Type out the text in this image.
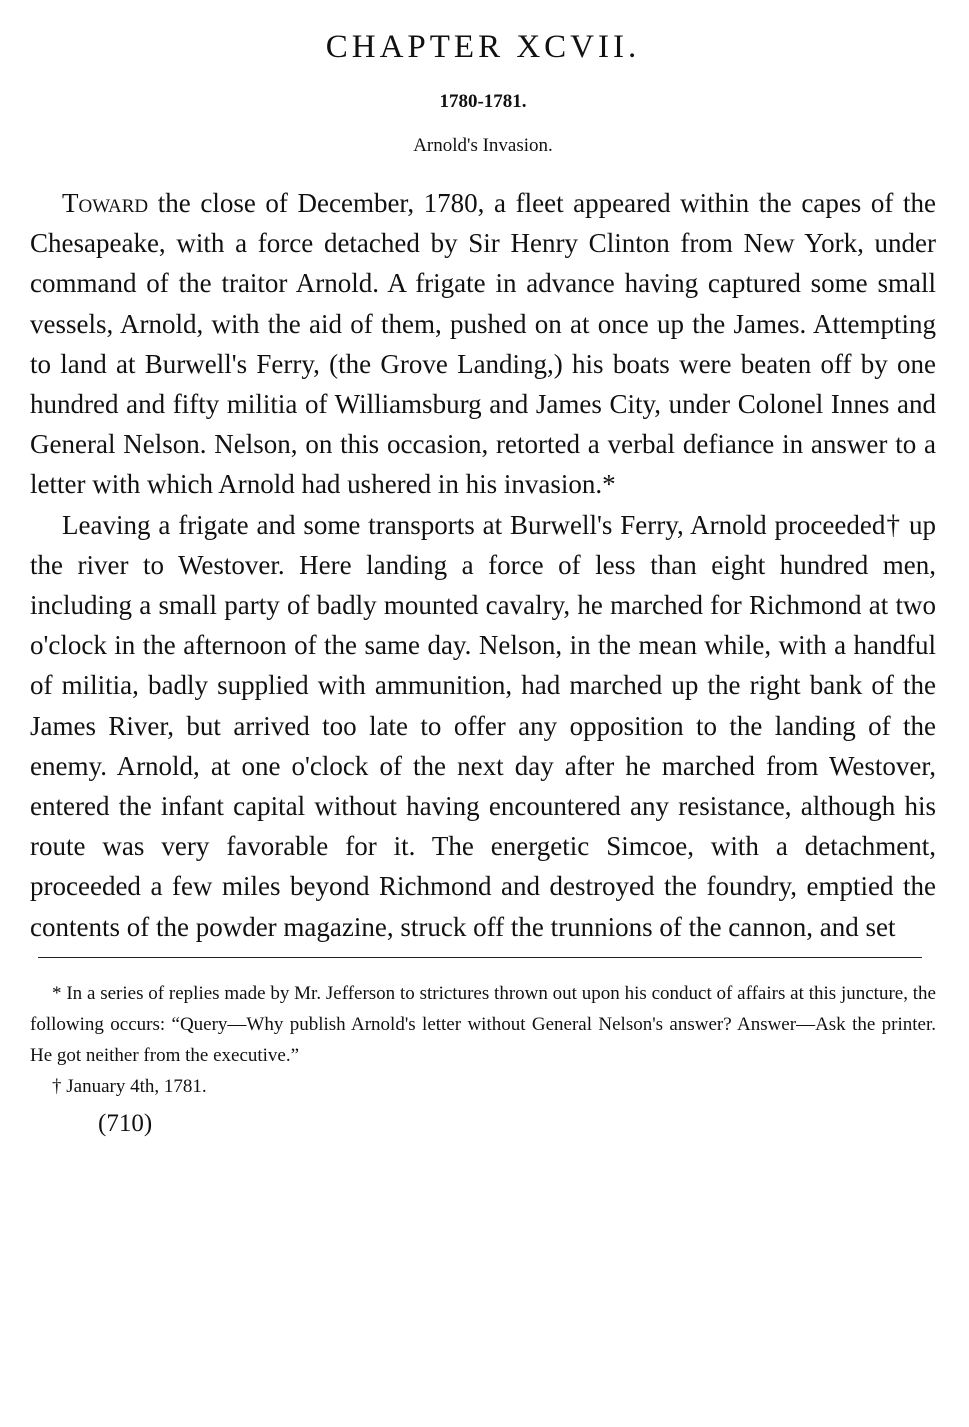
CHAPTER XCVII.
1780-1781.
Arnold's Invasion.

Toward the close of December, 1780, a fleet appeared within the capes of the Chesapeake, with a force detached by Sir Henry Clinton from New York, under command of the traitor Arnold. A frigate in advance having captured some small vessels, Arnold, with the aid of them, pushed on at once up the James. Attempting to land at Burwell's Ferry, (the Grove Landing,) his boats were beaten off by one hundred and fifty militia of Williamsburg and James City, under Colonel Innes and General Nelson. Nelson, on this occasion, retorted a verbal defiance in answer to a letter with which Arnold had ushered in his invasion.*

Leaving a frigate and some transports at Burwell's Ferry, Arnold proceeded† up the river to Westover. Here landing a force of less than eight hundred men, including a small party of badly mounted cavalry, he marched for Richmond at two o'clock in the afternoon of the same day. Nelson, in the mean while, with a handful of militia, badly supplied with ammunition, had marched up the right bank of the James River, but arrived too late to offer any opposition to the landing of the enemy. Arnold, at one o'clock of the next day after he marched from Westover, entered the infant capital without having encountered any resistance, although his route was very favorable for it. The energetic Simcoe, with a detachment, proceeded a few miles beyond Richmond and destroyed the foundry, emptied the contents of the powder magazine, struck off the trunnions of the cannon, and set

* In a series of replies made by Mr. Jefferson to strictures thrown out upon his conduct of affairs at this juncture, the following occurs: “Query—Why publish Arnold's letter without General Nelson's answer? Answer—Ask the printer. He got neither from the executive.”

† January 4th, 1781.

(710)
